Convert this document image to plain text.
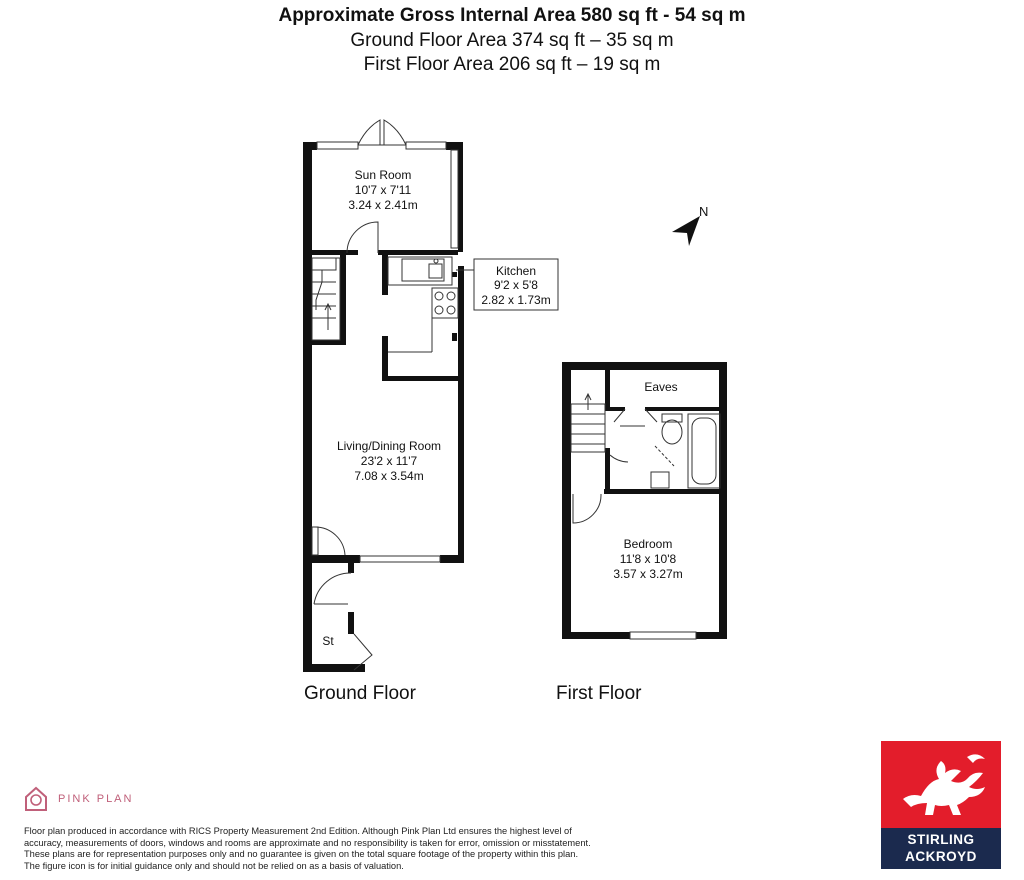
Approximate Gross Internal Area 580 sq ft - 54 sq m
Ground Floor Area 374 sq ft – 35 sq m
First Floor Area 206 sq ft – 19 sq m
N
Sun Room
10'7 x 7'11
3.24 x 2.41m
Living/Dining Room
23'2 x 11'7
7.08 x 3.54m
St
Eaves
Bedroom
11'8 x 10'8
3.57 x 3.27m
Kitchen
9'2 x 5'8
2.82 x 1.73m
Ground Floor	First Floor
PINK PLAN
Floor plan produced in accordance with RICS Property Measurement 2nd Edition. Although Pink Plan Ltd ensures the highest level of accuracy, measurements of doors, windows and rooms are approximate and no responsibility is taken for error, omission or misstatement. These plans are for representation purposes only and no guarantee is given on the total square footage of the property within this plan. The figure icon is for initial guidance only and should not be relied on as a basis of valuation.
STIRLING
ACKROYD
